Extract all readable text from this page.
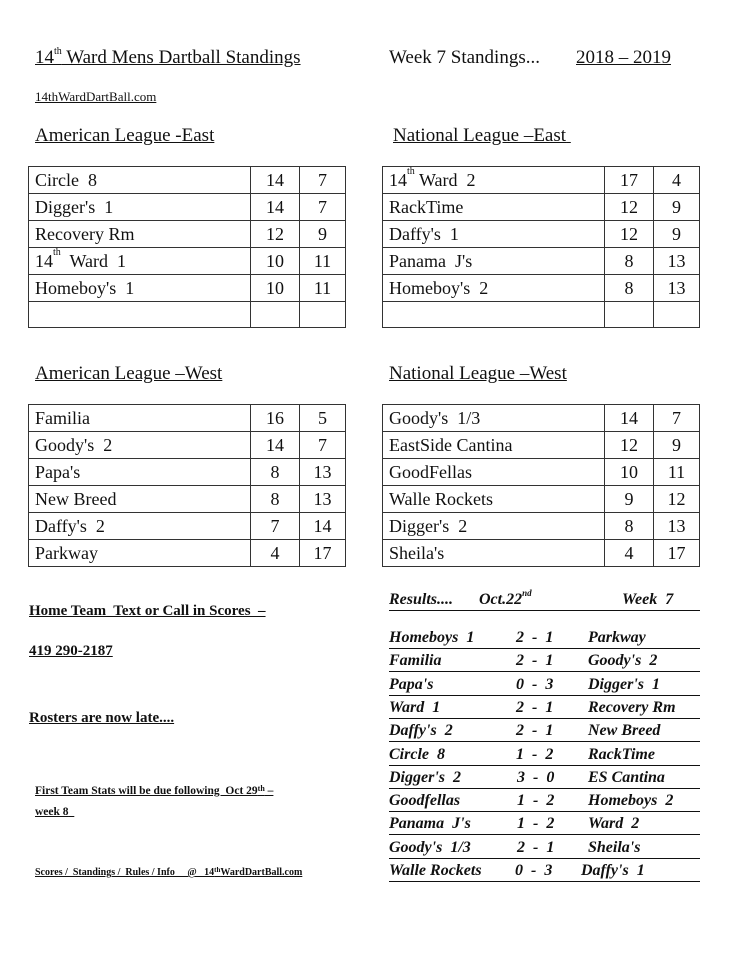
14th Ward Mens Dartball Standings	Week 7 Standings... 2018 – 2019
14thWardDartBall.com
American League -East	National League –East
American League –West	National League –West
Circle  8	14	7
Digger's  1	14	7
Recovery Rm	12	9
14th  Ward  1	10	11
Homeboy's  1	10	11

14th Ward  2	17	4
RackTime	12	9
Daffy's  1	12	9
Panama  J's	8	13
Homeboy's  2	8	13

Familia	16	5
Goody's  2	14	7
Papa's	8	13
New Breed	8	13
Daffy's  2	7	14
Parkway	4	17
Goody's  1/3	14	7
EastSide Cantina	12	9
GoodFellas	10	11
Walle Rockets	9	12
Digger's  2	8	13
Sheila's	4	17
Home Team  Text or Call in Scores  –
419 290-2187
Rosters are now late....
First Team Stats will be due following  Oct 29th –
week 8
Scores /  Standings /  Rules / Info     @   14thWardDartBall.com

Results....

Oct.22nd

	Week  7

Homeboys  1	2  -  1 Parkway
Familia	2  -  1 Goody's  2
Papa's	0  -  3 Digger's  1
Ward  1	2  -  1 Recovery Rm
Daffy's  2	2  -  1 New Breed
Circle  8	1  -  2 RackTime
Digger's  2	3  -  0 ES Cantina
Goodfellas	1  -  2 Homeboys  2
Panama  J's	1  -  2 Ward  2
Goody's  1/3	2  -  1 Sheila's
Walle Rockets 0  -  3 Daffy's  1
